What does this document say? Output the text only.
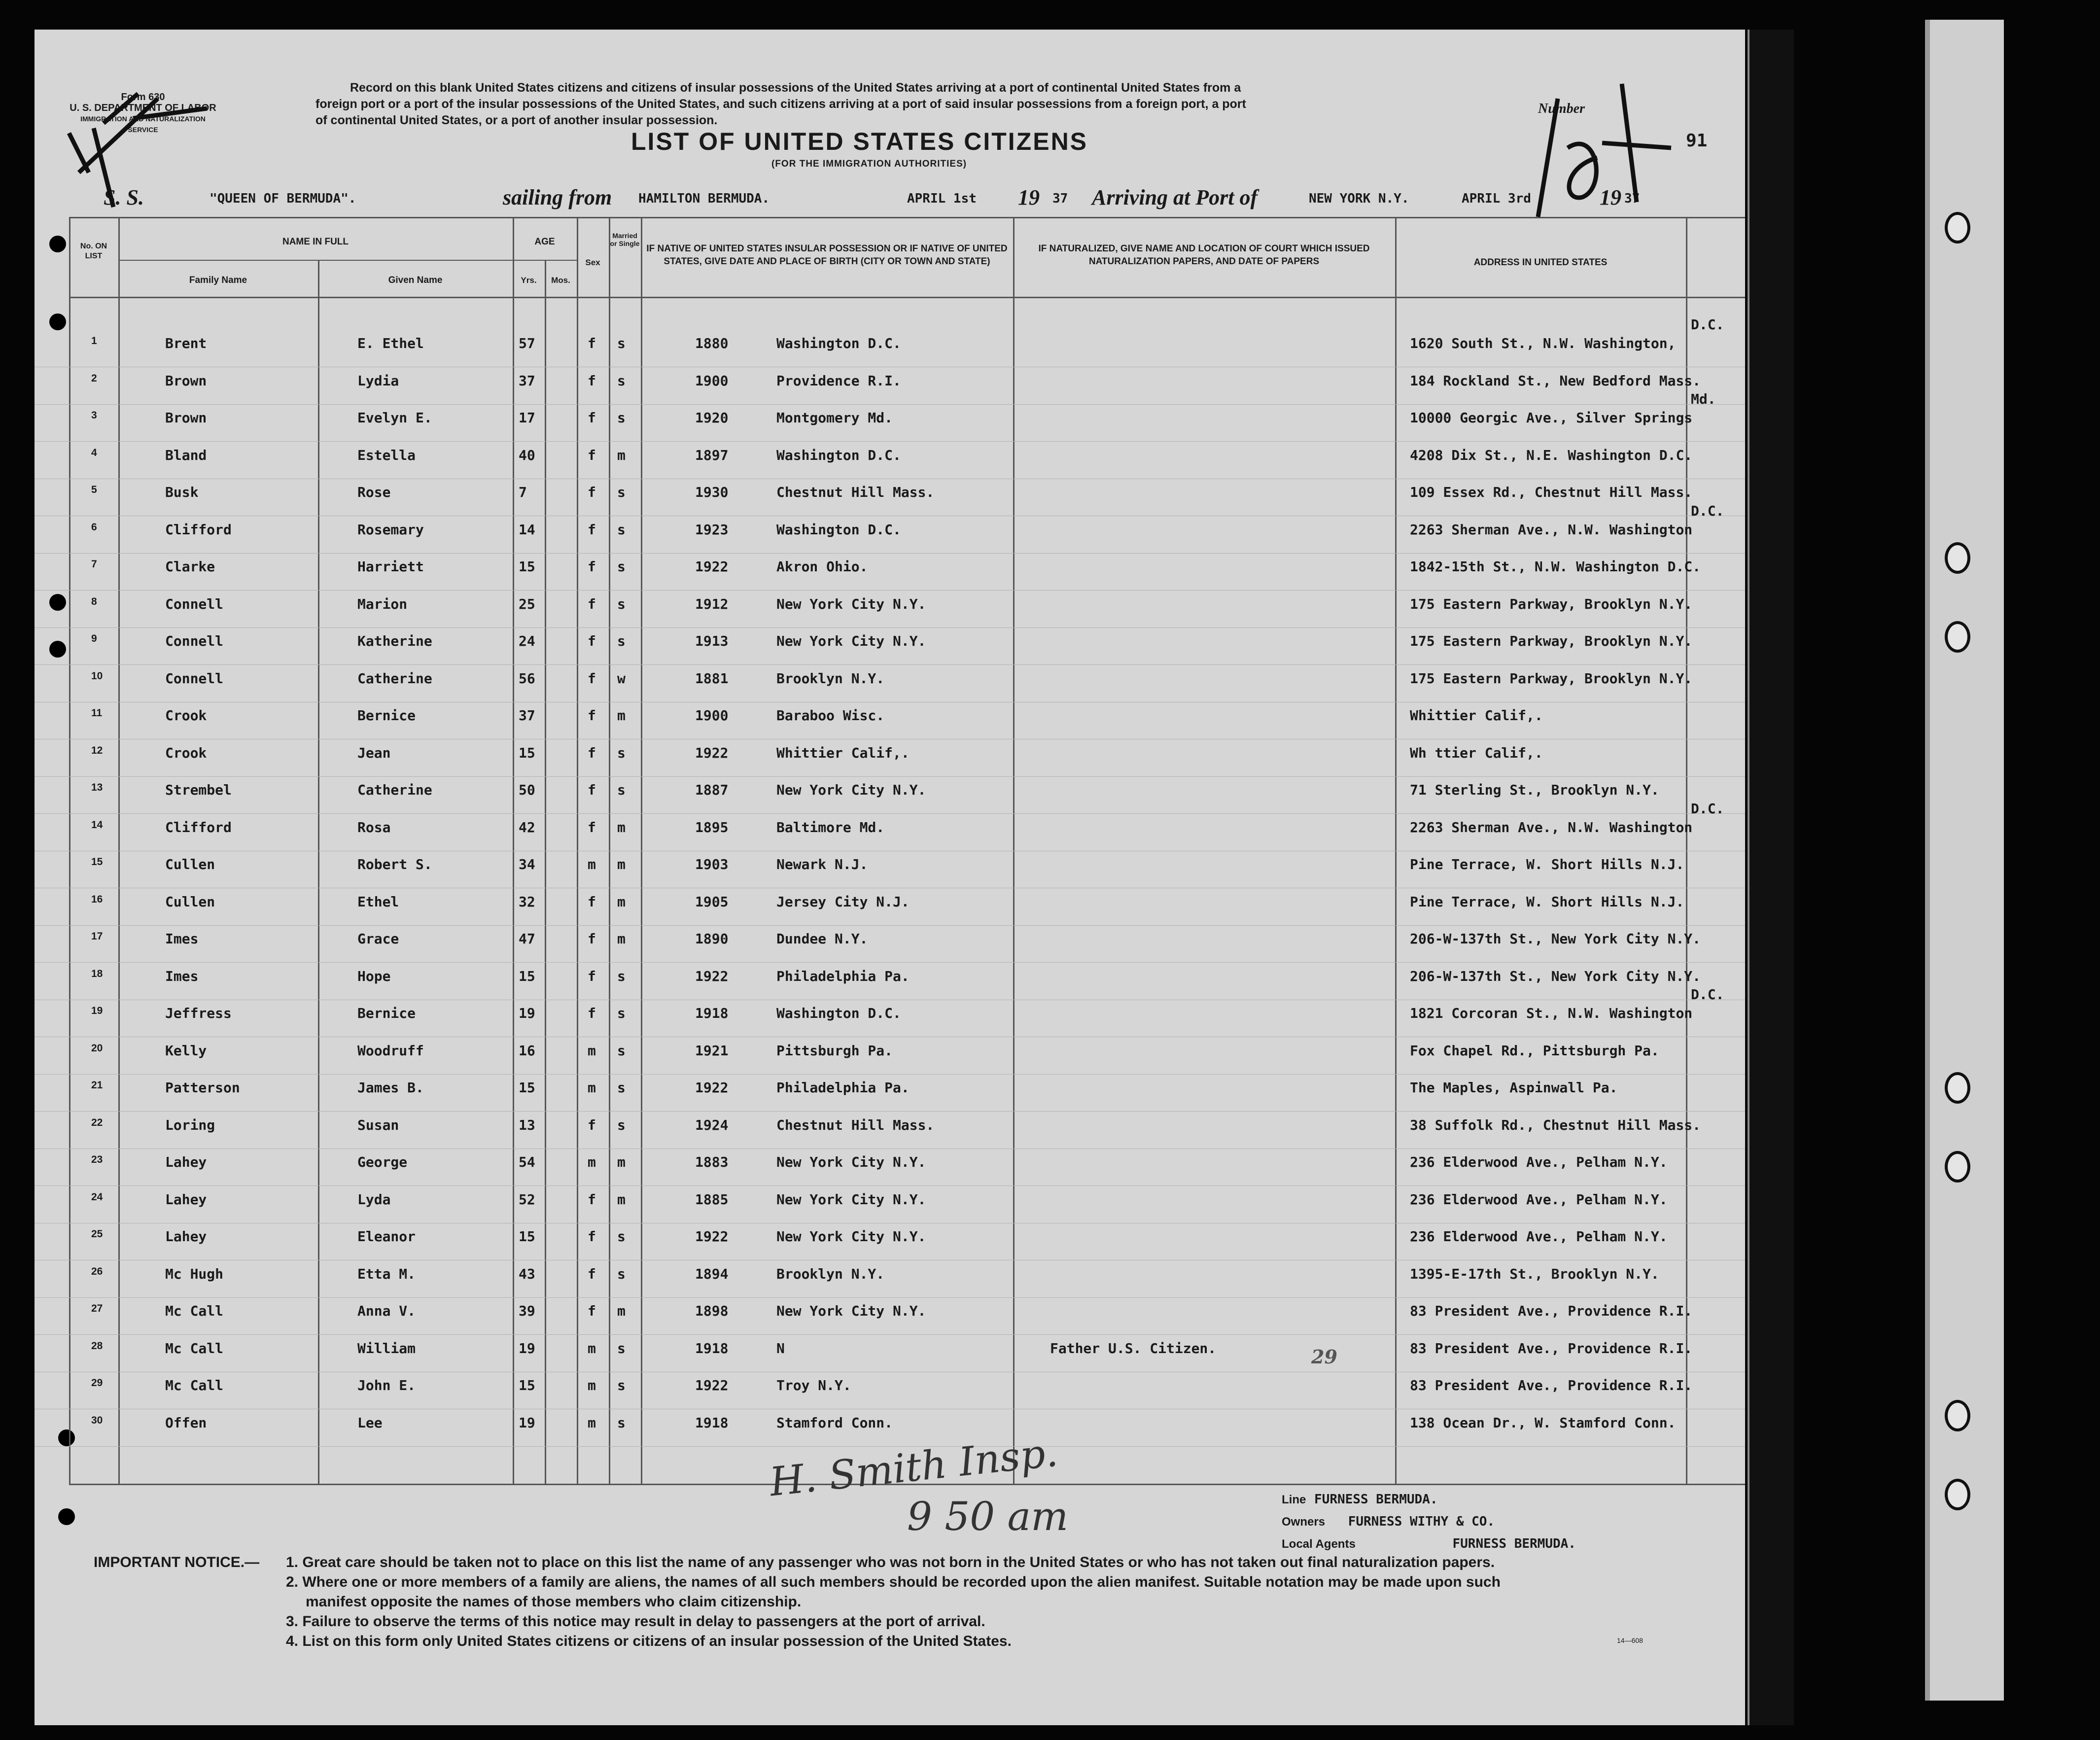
Form 630
U. S. DEPARTMENT OF LABOR
IMMIGRATION AND NATURALIZATION SERVICE
Record on this blank United States citizens and citizens of insular possessions of the United States arriving at a port of continental United States from a
foreign port or a port of the insular possessions of the United States, and such citizens arriving at a port of said insular possessions from a foreign port, a port
of continental United States, or a port of another insular possession.
LIST OF UNITED STATES CITIZENS
(FOR THE IMMIGRATION AUTHORITIES)
Number
91
S. S.	"QUEEN OF BERMUDA".	sailing from HAMILTON BERMUDA.	APRIL 1st 19 37 Arriving at Port of	NEW YORK N.Y.	APRIL 3rd	19 37
No. ON LIST
NAME IN FULL
Family Name	Given Name
AGE
Yrs.	Mos.
Sex
Married or Single IF NATIVE OF UNITED STATES INSULAR POSSESSION OR IF NATIVE OF UNITED STATES, GIVE DATE AND PLACE OF BIRTH (CITY OR TOWN AND STATE)
IF NATURALIZED, GIVE NAME AND LOCATION OF COURT WHICH ISSUED NATURALIZATION PAPERS, AND DATE OF PAPERS	ADDRESS IN UNITED STATES
1	Brent	E. Ethel	57	f s	1880	Washington D.C.	1620 South St., N.W. Washington,
D.C.
2	Brown	Lydia	37	f s	1900	Providence R.I.	184 Rockland St., New Bedford Mass.
3	Brown	Evelyn E.	17	f s	1920	Montgomery Md.	10000 Georgic Ave., Silver Springs
Md.
4	Bland	Estella	40	f m	1897	Washington D.C.	4208 Dix St., N.E. Washington D.C.
5	Busk	Rose	7	f s	1930	Chestnut Hill Mass.	109 Essex Rd., Chestnut Hill Mass.
6	Clifford	Rosemary	14	f s	1923	Washington D.C.	2263 Sherman Ave., N.W. Washington
D.C.
7	Clarke	Harriett	15	f s	1922	Akron Ohio.	1842-15th St., N.W. Washington D.C.
8	Connell	Marion	25	f s	1912	New York City N.Y.	175 Eastern Parkway, Brooklyn N.Y.
9	Connell	Katherine	24	f s	1913	New York City N.Y.	175 Eastern Parkway, Brooklyn N.Y.
10	Connell	Catherine	56	f w	1881	Brooklyn N.Y.	175 Eastern Parkway, Brooklyn N.Y.
11	Crook	Bernice	37	f m	1900	Baraboo Wisc.	Whittier Calif,.
12	Crook	Jean	15	f s	1922	Whittier Calif,.	Wh ttier Calif,.
13	Strembel	Catherine	50	f s	1887	New York City N.Y.	71 Sterling St., Brooklyn N.Y.
14	Clifford	Rosa	42	f m	1895	Baltimore Md.	2263 Sherman Ave., N.W. Washington
D.C.
15	Cullen	Robert S.	34	m m	1903	Newark N.J.	Pine Terrace, W. Short Hills N.J.
16	Cullen	Ethel	32	f m	1905	Jersey City N.J.	Pine Terrace, W. Short Hills N.J.
17	Imes	Grace	47	f m	1890	Dundee N.Y.	206-W-137th St., New York City N.Y.
18	Imes	Hope	15	f s	1922	Philadelphia Pa.	206-W-137th St., New York City N.Y.
19	Jeffress	Bernice	19	f s	1918	Washington D.C.	1821 Corcoran St., N.W. Washington
D.C.
20	Kelly	Woodruff	16	m s	1921	Pittsburgh Pa.	Fox Chapel Rd., Pittsburgh Pa.
21	Patterson	James B.	15	m s	1922	Philadelphia Pa.	The Maples, Aspinwall Pa.
22	Loring	Susan	13	f s	1924	Chestnut Hill Mass.	38 Suffolk Rd., Chestnut Hill Mass.
23	Lahey	George	54	m m	1883	New York City N.Y.	236 Elderwood Ave., Pelham N.Y.
24	Lahey	Lyda	52	f m	1885	New York City N.Y.	236 Elderwood Ave., Pelham N.Y.
25	Lahey	Eleanor	15	f s	1922	New York City N.Y.	236 Elderwood Ave., Pelham N.Y.
26	Mc Hugh	Etta M.	43	f s	1894	Brooklyn N.Y.	1395-E-17th St., Brooklyn N.Y.
27	Mc Call	Anna V.	39	f m	1898	New York City N.Y.	83 President Ave., Providence R.I.
28	Mc Call	William	19	m s	1918	N	Father U.S. Citizen.	83 President Ave., Providence R.I.
29	Mc Call	John E.	15	m s	1922	Troy N.Y.	83 President Ave., Providence R.I.
30	Offen	Lee	19	m s	1918	Stamford Conn.	138 Ocean Dr., W. Stamford Conn.
29
H. Smith Insp.
9 50 am	Line FURNESS BERMUDA.
Owners FURNESS WITHY & CO.
Local Agents	FURNESS BERMUDA.
IMPORTANT NOTICE.— 1. Great care should be taken not to place on this list the name of any passenger who was not born in the United States or who has not taken out final naturalization papers.
2. Where one or more members of a family are aliens, the names of all such members should be recorded upon the alien manifest. Suitable notation may be made upon such
manifest opposite the names of those members who claim citizenship.
3. Failure to observe the terms of this notice may result in delay to passengers at the port of arrival.
4. List on this form only United States citizens or citizens of an insular possession of the United States.	14—608
